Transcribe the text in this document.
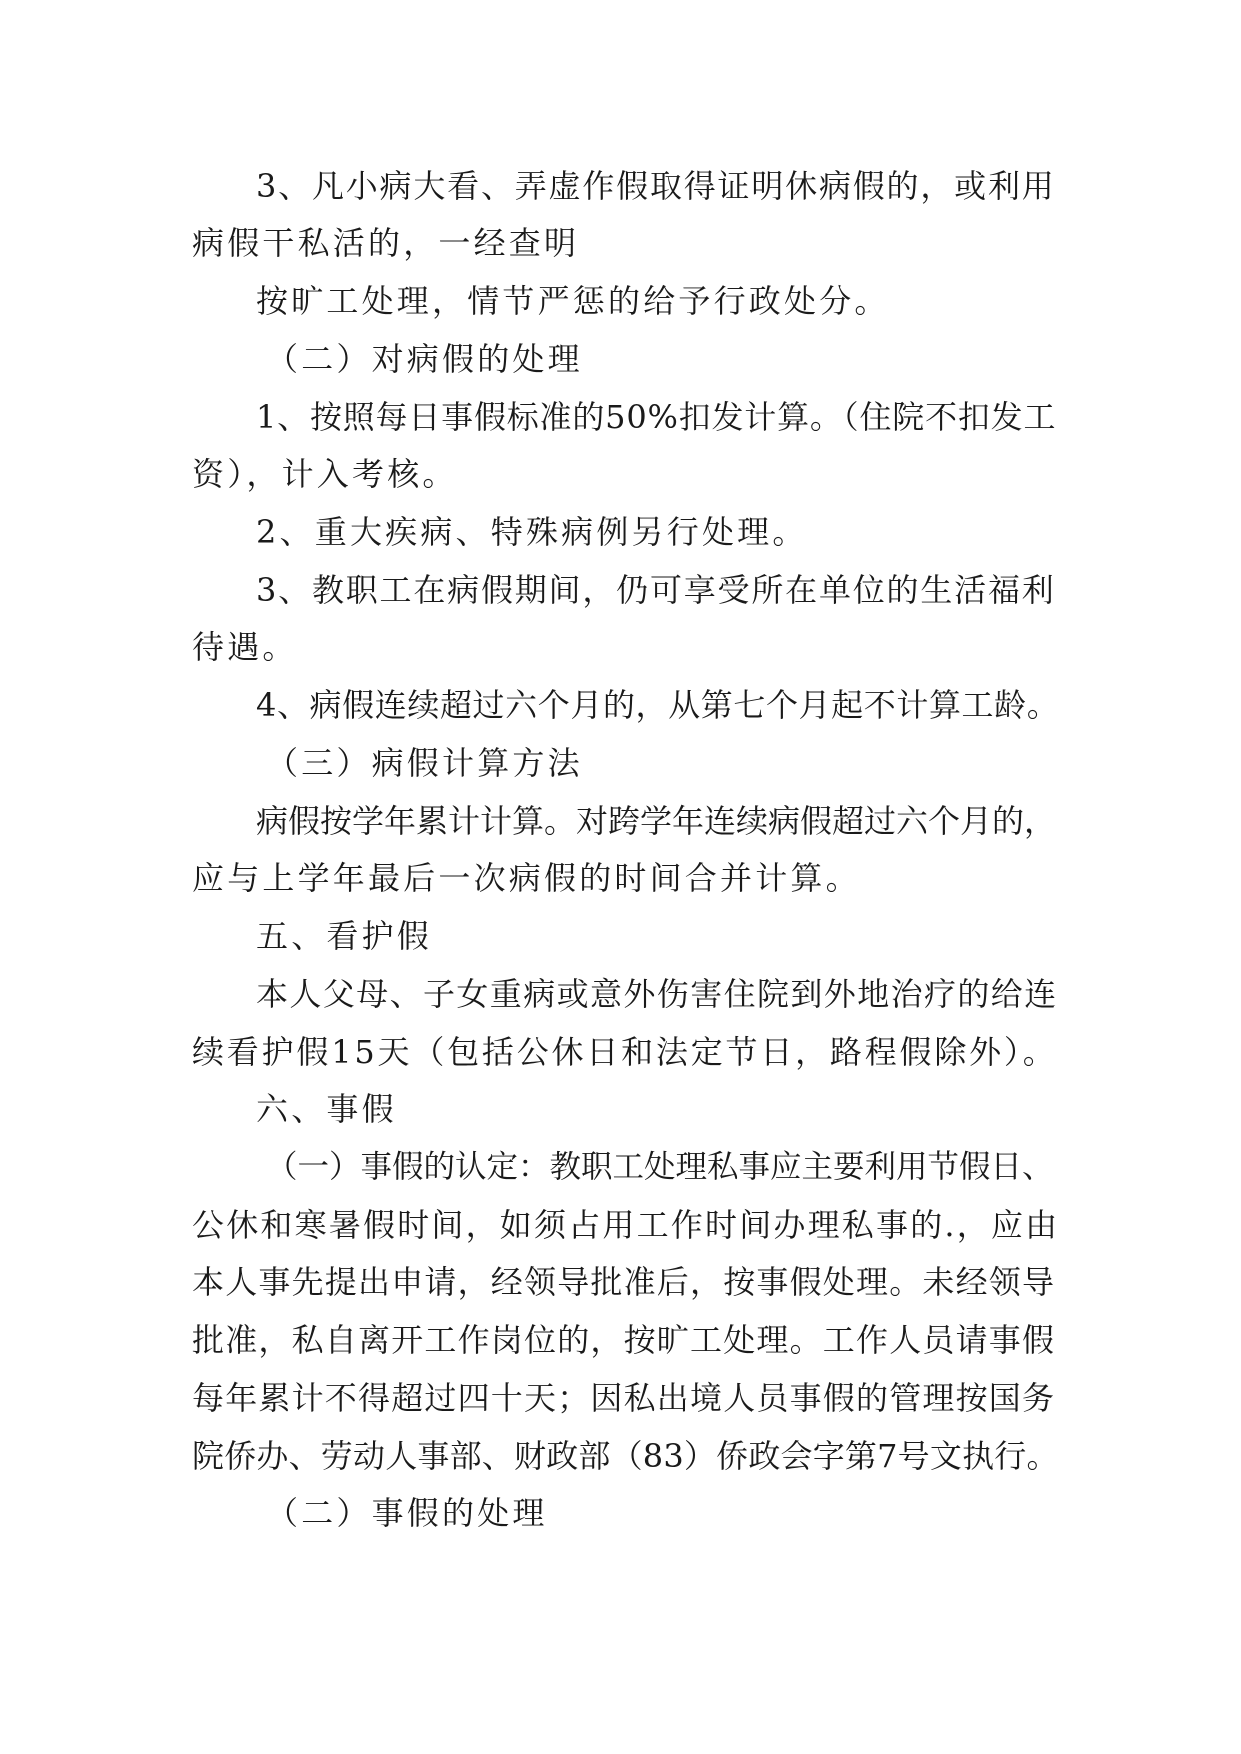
3、凡小病大看、弄虚作假取得证明休病假的，或利用
病假干私活的，一经查明
按旷工处理，情节严惩的给予行政处分。
（二）对病假的处理
1、按照每日事假标准的50%扣发计算。（住院不扣发工
资），计入考核。
2、重大疾病、特殊病例另行处理。
3、教职工在病假期间，仍可享受所在单位的生活福利
待遇。
4、病假连续超过六个月的，从第七个月起不计算工龄。
（三）病假计算方法
病假按学年累计计算。对跨学年连续病假超过六个月的，
应与上学年最后一次病假的时间合并计算。
五、看护假
本人父母、子女重病或意外伤害住院到外地治疗的给连
续看护假15天（包括公休日和法定节日，路程假除外）。
六、事假
（一）事假的认定：教职工处理私事应主要利用节假日、
公休和寒暑假时间，如须占用工作时间办理私事的.，应由
本人事先提出申请，经领导批准后，按事假处理。未经领导
批准，私自离开工作岗位的，按旷工处理。工作人员请事假
每年累计不得超过四十天；因私出境人员事假的管理按国务
院侨办、劳动人事部、财政部（83）侨政会字第7号文执行。
（二）事假的处理
